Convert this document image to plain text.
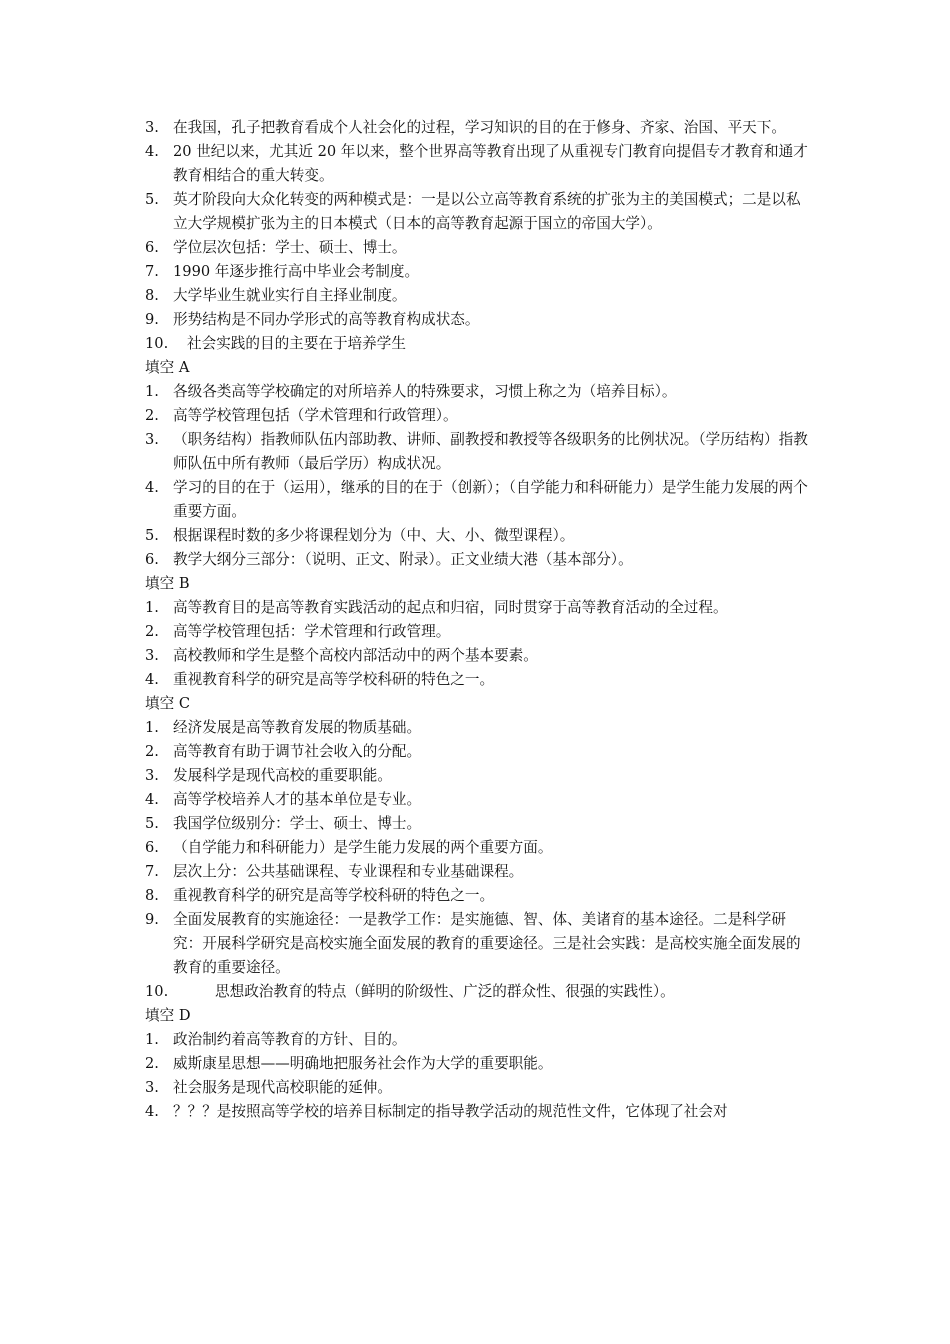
3. 在我国，孔子把教育看成个人社会化的过程，学习知识的目的在于修身、齐家、治国、平天下。
4. 20 世纪以来，尤其近 20 年以来，整个世界高等教育出现了从重视专门教育向提倡专才教育和通才教育相结合的重大转变。
5. 英才阶段向大众化转变的两种模式是：一是以公立高等教育系统的扩张为主的美国模式；二是以私立大学规模扩张为主的日本模式（日本的高等教育起源于国立的帝国大学）。
6. 学位层次包括：学士、硕士、博士。
7. 1990 年逐步推行高中毕业会考制度。
8. 大学毕业生就业实行自主择业制度。
9. 形势结构是不同办学形式的高等教育构成状态。
10.	社会实践的目的主要在于培养学生
填空 A
1. 各级各类高等学校确定的对所培养人的特殊要求，习惯上称之为（培养目标）。
2. 高等学校管理包括（学术管理和行政管理）。
3. （职务结构）指教师队伍内部助教、讲师、副教授和教授等各级职务的比例状况。（学历结构）指教师队伍中所有教师（最后学历）构成状况。
4. 学习的目的在于（运用），继承的目的在于（创新）；（自学能力和科研能力）是学生能力发展的两个重要方面。
5. 根据课程时数的多少将课程划分为（中、大、小、微型课程）。
6. 教学大纲分三部分：（说明、正文、附录）。正文业绩大港（基本部分）。
填空 B
1. 高等教育目的是高等教育实践活动的起点和归宿，同时贯穿于高等教育活动的全过程。
2. 高等学校管理包括：学术管理和行政管理。
3. 高校教师和学生是整个高校内部活动中的两个基本要素。
4. 重视教育科学的研究是高等学校科研的特色之一。
填空 C
1. 经济发展是高等教育发展的物质基础。
2. 高等教育有助于调节社会收入的分配。
3. 发展科学是现代高校的重要职能。
4. 高等学校培养人才的基本单位是专业。
5. 我国学位级别分：学士、硕士、博士。
6. （自学能力和科研能力）是学生能力发展的两个重要方面。
7. 层次上分：公共基础课程、专业课程和专业基础课程。
8. 重视教育科学的研究是高等学校科研的特色之一。
9. 全面发展教育的实施途径：一是教学工作：是实施德、智、体、美诸育的基本途径。二是科学研究：开展科学研究是高校实施全面发展的教育的重要途径。三是社会实践：是高校实施全面发展的教育的重要途径。
10.	思想政治教育的特点（鲜明的阶级性、广泛的群众性、很强的实践性）。
填空 D
1. 政治制约着高等教育的方针、目的。
2. 威斯康星思想——明确地把服务社会作为大学的重要职能。
3. 社会服务是现代高校职能的延伸。
4. ？？？是按照高等学校的培养目标制定的指导教学活动的规范性文件，它体现了社会对
